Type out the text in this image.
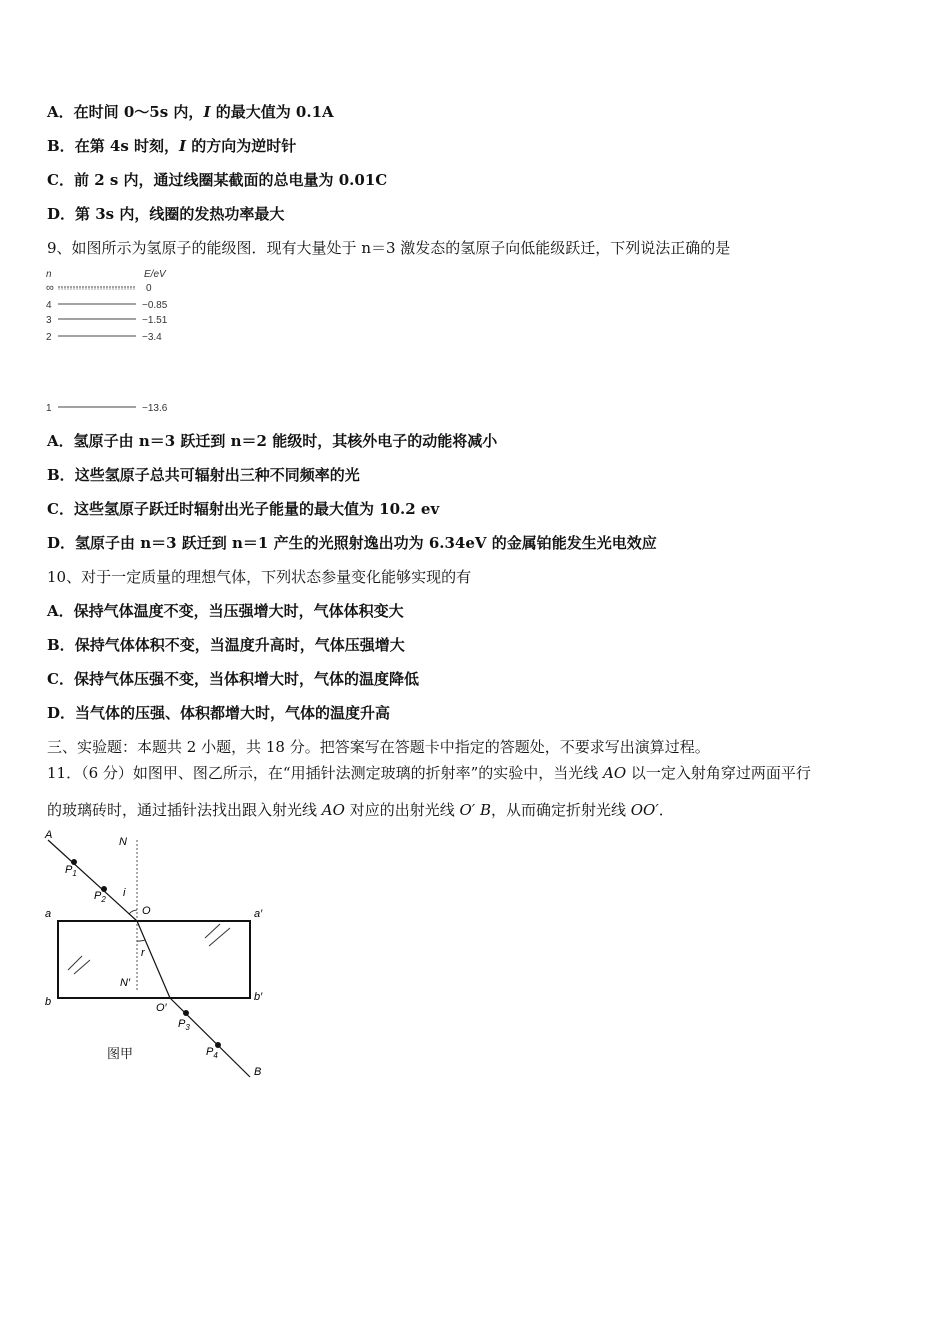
A．在时间 0～5s 内，I 的最大值为 0.1A
B．在第 4s 时刻，I 的方向为逆时针
C．前 2 s 内，通过线圈某截面的总电量为 0.01C
D．第 3s 内，线圈的发热功率最大
9、如图所示为氢原子的能级图．现有大量处于 n＝3 激发态的氢原子向低能级跃迁，下列说法正确的是
n	E/eV
∞	0
4	−0.85
3	−1.51
2	−3.4
1	−13.6
A．氢原子由 n＝3 跃迁到 n＝2 能级时，其核外电子的动能将减小
B．这些氢原子总共可辐射出三种不同频率的光
C．这些氢原子跃迁时辐射出光子能量的最大值为 10.2 ev
D．氢原子由 n＝3 跃迁到 n＝1 产生的光照射逸出功为 6.34eV 的金属铂能发生光电效应
10、对于一定质量的理想气体，下列状态参量变化能够实现的有
A．保持气体温度不变，当压强增大时，气体体积变大
B．保持气体体积不变，当温度升高时，气体压强增大
C．保持气体压强不变，当体积增大时，气体的温度降低
D．当气体的压强、体积都增大时，气体的温度升高
三、实验题：本题共 2 小题，共 18 分。把答案写在答题卡中指定的答题处，不要求写出演算过程。
11．（6 分）如图甲、图乙所示，在“用插针法测定玻璃的折射率”的实验中，当光线 AO 以一定入射角穿过两面平行
的玻璃砖时，通过插针法找出跟入射光线 AO 对应的出射光线 O′ B，从而确定折射光线 OO′．
A
N
$P_1$
$P_2$
i
O
a	a′
r
N′
b	b′
O′
$P_3$
$P_4$
B
图甲
